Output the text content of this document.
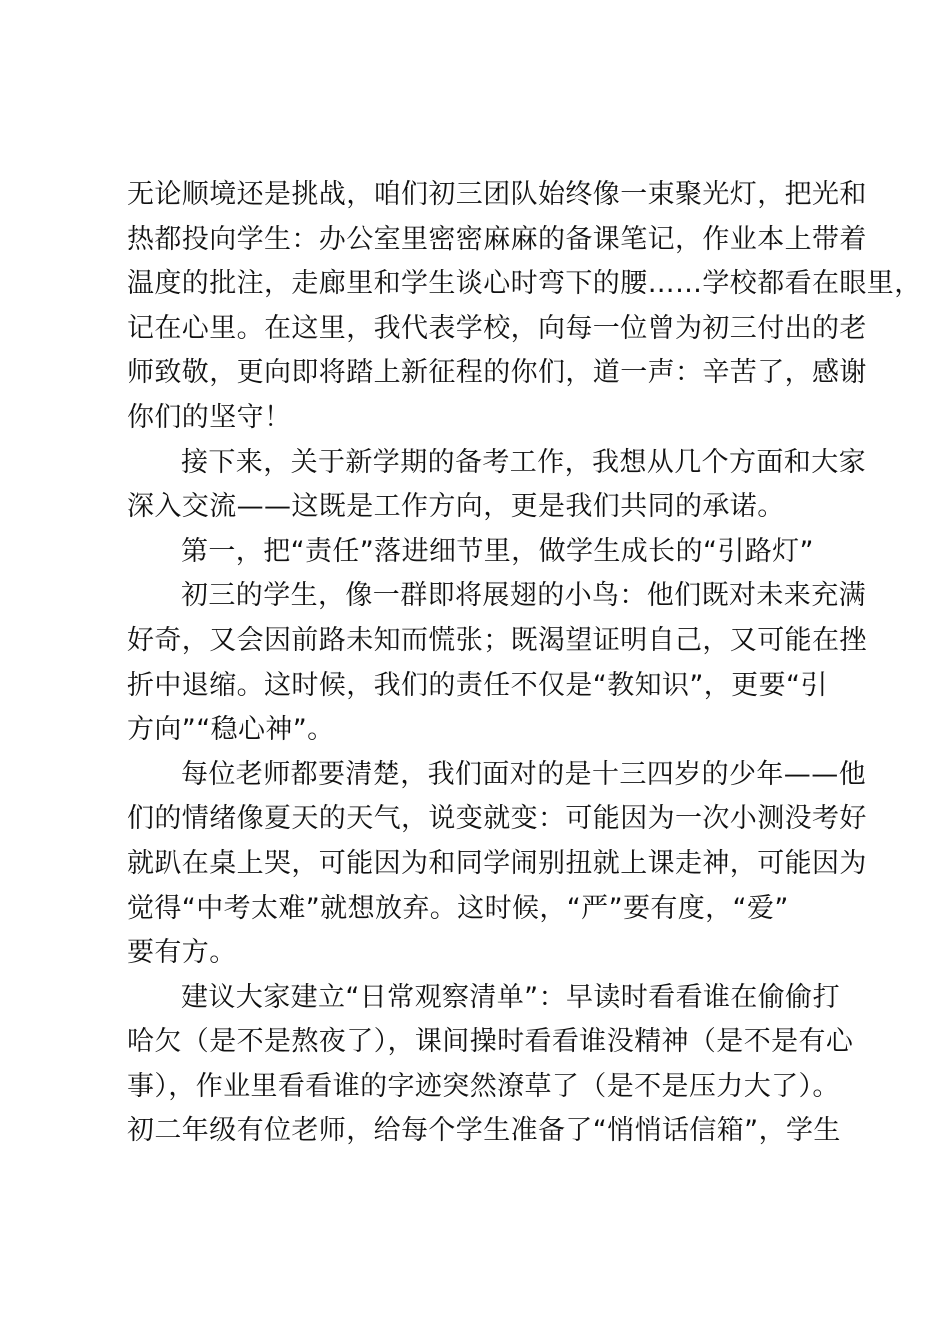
无论顺境还是挑战，咱们初三团队始终像一束聚光灯，把光和
热都投向学生：办公室里密密麻麻的备课笔记，作业本上带着
温度的批注，走廊里和学生谈心时弯下的腰……学校都看在眼里，
记在心里。在这里，我代表学校，向每一位曾为初三付出的老
师致敬，更向即将踏上新征程的你们，道一声：辛苦了，感谢
你们的坚守！
接下来，关于新学期的备考工作，我想从几个方面和大家
深入交流——这既是工作方向，更是我们共同的承诺。
第一，把“责任”落进细节里，做学生成长的“引路灯”
初三的学生，像一群即将展翅的小鸟：他们既对未来充满
好奇，又会因前路未知而慌张；既渴望证明自己，又可能在挫
折中退缩。这时候，我们的责任不仅是“教知识”，更要“引
方向”“稳心神”。
每位老师都要清楚，我们面对的是十三四岁的少年——他
们的情绪像夏天的天气，说变就变：可能因为一次小测没考好
就趴在桌上哭，可能因为和同学闹别扭就上课走神，可能因为
觉得“中考太难”就想放弃。这时候，“严”要有度，“爱”
要有方。
建议大家建立“日常观察清单”：早读时看看谁在偷偷打
哈欠（是不是熬夜了），课间操时看看谁没精神（是不是有心
事），作业里看看谁的字迹突然潦草了（是不是压力大了）。
初二年级有位老师，给每个学生准备了“悄悄话信箱”，学生
